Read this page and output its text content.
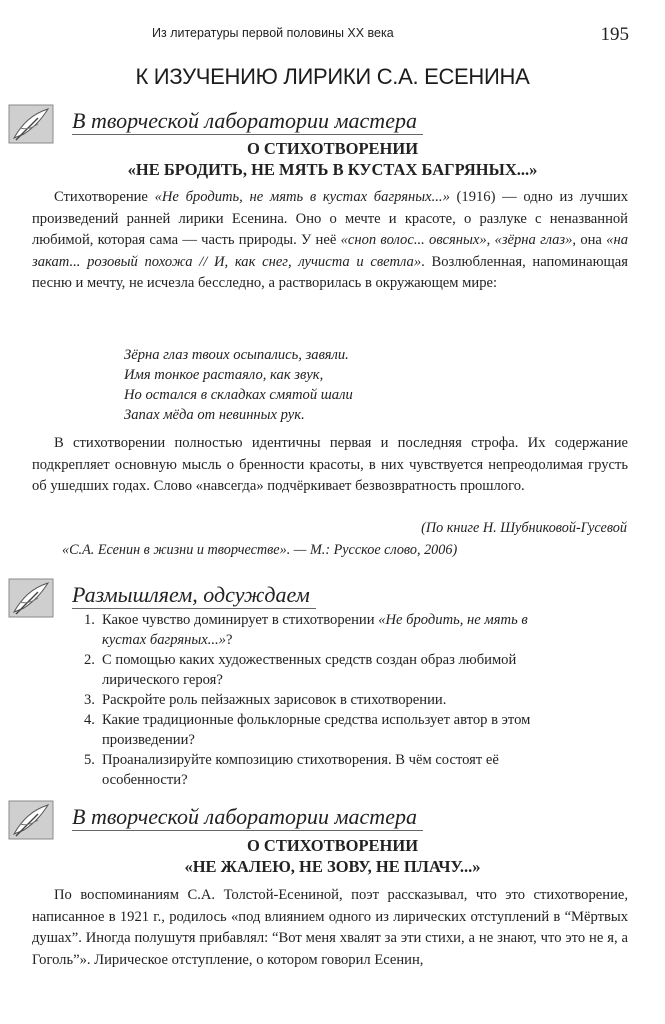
Из литературы первой половины XX века	195
К ИЗУЧЕНИЮ ЛИРИКИ С.А. ЕСЕНИНА
В творческой лаборатории мастера
О СТИХОТВОРЕНИИ
«НЕ БРОДИТЬ, НЕ МЯТЬ В КУСТАХ БАГРЯНЫХ...»

Стихотворение «Не бродить, не мять в кустах багряных...» (1916) — одно из лучших произведений ранней лирики Есенина. Оно о мечте и красоте, о разлуке с неназванной любимой, которая сама — часть природы. У неё «сноп волос... овсяных», «зёрна глаз», она «на закат... розовый похожа // И, как снег, лучиста и светла». Возлюбленная, напоминающая песню и мечту, не исчезла бесследно, а растворилась в окружающем мире:

Зёрна глаз твоих осыпались, завяли.
Имя тонкое растаяло, как звук,
Но остался в складках смятой шали
Запах мёда от невинных рук.

В стихотворении полностью идентичны первая и последняя строфа. Их содержание подкрепляет основную мысль о бренности красоты, в них чувствуется непреодолимая грусть об ушедших годах. Слово «навсегда» подчёркивает безвозвратность прошлого.

(По книге Н. Шубниковой-Гусевой
«С.А. Есенин в жизни и творчестве». — М.: Русское слово, 2006)
Размышляем, одсуждаем
1. Какое чувство доминирует в стихотворении «Не бродить, не мять в кустах багряных...»?
2. С помощью каких художественных средств создан образ любимой лирического героя?
3. Раскройте роль пейзажных зарисовок в стихотворении.
4. Какие традиционные фольклорные средства использует автор в этом произведении?
5. Проанализируйте композицию стихотворения. В чём состоят её особенности?
В творческой лаборатории мастера
О СТИХОТВОРЕНИИ
«НЕ ЖАЛЕЮ, НЕ ЗОВУ, НЕ ПЛАЧУ...»

По воспоминаниям С.А. Толстой-Есениной, поэт рассказывал, что это стихотворение, написанное в 1921 г., родилось «под влиянием одного из лирических отступлений в “Мёртвых душах”. Иногда полушутя прибавлял: “Вот меня хвалят за эти стихи, а не знают, что это не я, а Гоголь”». Лирическое отступление, о котором говорил Есенин,
